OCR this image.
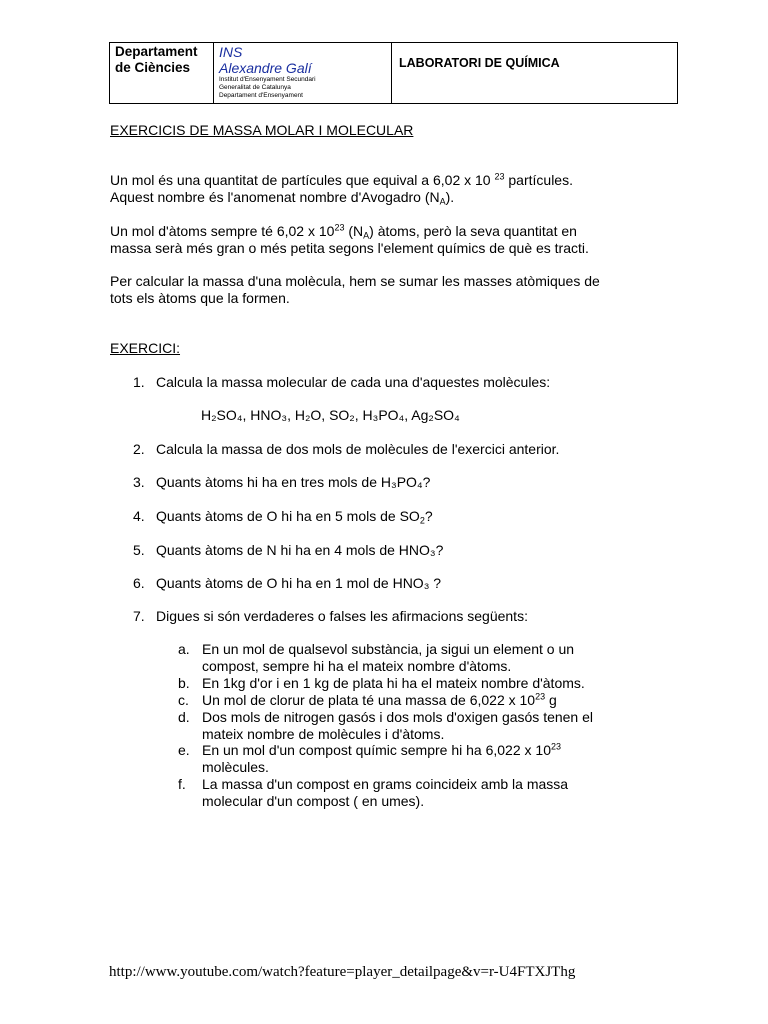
Departament
de Ciències
INS
Alexandre Galí
Institut d'Ensenyament Secundari
Generalitat de Catalunya
Departament d'Ensenyament
LABORATORI DE QUÍMICA
EXERCICIS DE MASSA MOLAR I MOLECULAR
Un mol és una quantitat de partícules que equival a 6,02 x 10 $^{23}$ partícules.
Aquest nombre és l'anomenat nombre d'Avogadro $(N_A)$.
Un mol d'àtoms sempre té 6,02 x $10^{23}$ $(N_A)$ àtoms, però la seva quantitat en
massa serà més gran o més petita segons l'element químics de què es tracti.
Per calcular la massa d'una molècula, hem se sumar les masses atòmiques de
tots els àtoms que la formen.
EXERCICI:
1. Calcula la massa molecular de cada una d'aquestes molècules:
H₂SO₄, HNO₃, H₂O, SO₂, H₃PO₄, Ag₂SO₄
2. Calcula la massa de dos mols de molècules de l'exercici anterior.
3. Quants àtoms hi ha en tres mols de H₃PO₄?
4. Quants àtoms de O hi ha en 5 mols de $SO_2$?
5. Quants àtoms de N hi ha en 4 mols de HNO₃?
6. Quants àtoms de O hi ha en 1 mol de HNO₃ ?
7. Digues si són verdaderes o falses les afirmacions següents:
a. En un mol de qualsevol substància, ja sigui un element o un
compost, sempre hi ha el mateix nombre d'àtoms.
b. En 1kg d'or i en 1 kg de plata hi ha el mateix nombre d'àtoms.
c. Un mol de clorur de plata té una massa de 6,022 x $10^{23}$ g
d. Dos mols de nitrogen gasós i dos mols d'oxigen gasós tenen el
mateix nombre de molècules i d'àtoms.
e. En un mol d'un compost químic sempre hi ha 6,022 x $10^{23}$
molècules.
f.	La massa d'un compost en grams coincideix amb la massa
molecular d'un compost ( en umes).
http://www.youtube.com/watch?feature=player_detailpage&v=r-U4FTXJThg
